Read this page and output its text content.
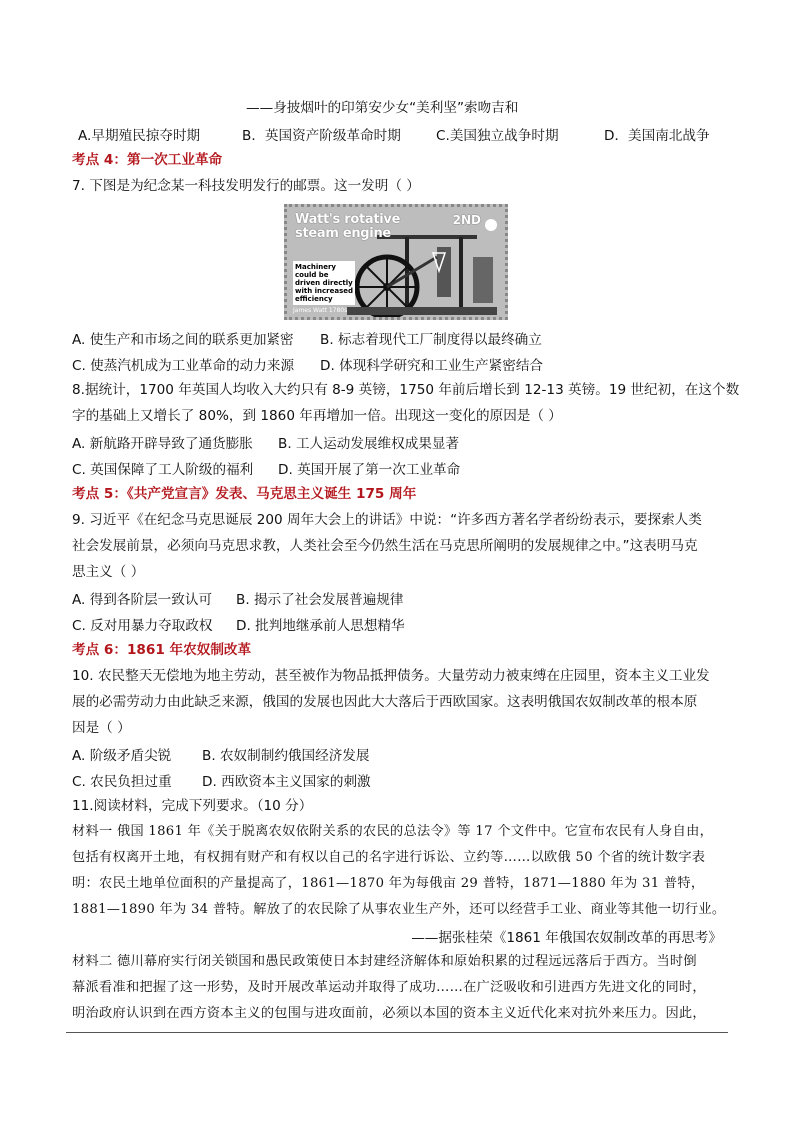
——身披烟叶的印第安少女“美利坚”索吻吉和
A.早期殖民掠夺时期	B．英国资产阶级革命时期	C.美国独立战争时期	D．美国南北战争
考点 4：第一次工业革命
7. 下图是为纪念某一科技发明发行的邮票。这一发明（ ）
Watt's rotative
steam engine
2ND
Machinery could be driven directly with increased efficiency
James Watt 1780s
A. 使生产和市场之间的联系更加紧密 B. 标志着现代工厂制度得以最终确立
C. 使蒸汽机成为工业革命的动力来源 D. 体现科学研究和工业生产紧密结合
8.据统计，1700 年英国人均收入大约只有 8-9 英镑，1750 年前后增长到 12-13 英镑。19 世纪初，在这个数
字的基础上又增长了 80%，到 1860 年再增加一倍。出现这一变化的原因是（ ）
A. 新航路开辟导致了通货膨胀 B. 工人运动发展维权成果显著
C. 英国保障了工人阶级的福利 D. 英国开展了第一次工业革命
考点 5：《共产党宣言》发表、马克思主义诞生 175 周年
9. 习近平《在纪念马克思诞辰 200 周年大会上的讲话》中说：“许多西方著名学者纷纷表示，要探索人类
社会发展前景，必须向马克思求教，人类社会至今仍然生活在马克思所阐明的发展规律之中。”这表明马克
思主义（ ）
A. 得到各阶层一致认可 B. 揭示了社会发展普遍规律
C. 反对用暴力夺取政权 D. 批判地继承前人思想精华
考点 6：1861 年农奴制改革
10. 农民整天无偿地为地主劳动，甚至被作为物品抵押债务。大量劳动力被束缚在庄园里，资本主义工业发
展的必需劳动力由此缺乏来源，俄国的发展也因此大大落后于西欧国家。这表明俄国农奴制改革的根本原
因是（ ）
A. 阶级矛盾尖锐 B. 农奴制制约俄国经济发展
C. 农民负担过重 D. 西欧资本主义国家的刺激
11.阅读材料，完成下列要求。（10 分）
材料一 俄国 1861 年《关于脱离农奴依附关系的农民的总法令》等 17 个文件中。它宣布农民有人身自由，
包括有权离开土地，有权拥有财产和有权以自己的名字进行诉讼、立约等……以欧俄 50 个省的统计数字表
明：农民土地单位面积的产量提高了，1861—1870 年为每俄亩 29 普特，1871—1880 年为 31 普特，
1881—1890 年为 34 普特。解放了的农民除了从事农业生产外，还可以经营手工业、商业等其他一切行业。
——据张桂荣《1861 年俄国农奴制改革的再思考》
材料二 德川幕府实行闭关锁国和愚民政策使日本封建经济解体和原始积累的过程远远落后于西方。当时倒
幕派看准和把握了这一形势，及时开展改革运动并取得了成功……在广泛吸收和引进西方先进文化的同时，
明治政府认识到在西方资本主义的包围与进攻面前，必须以本国的资本主义近代化来对抗外来压力。因此，
